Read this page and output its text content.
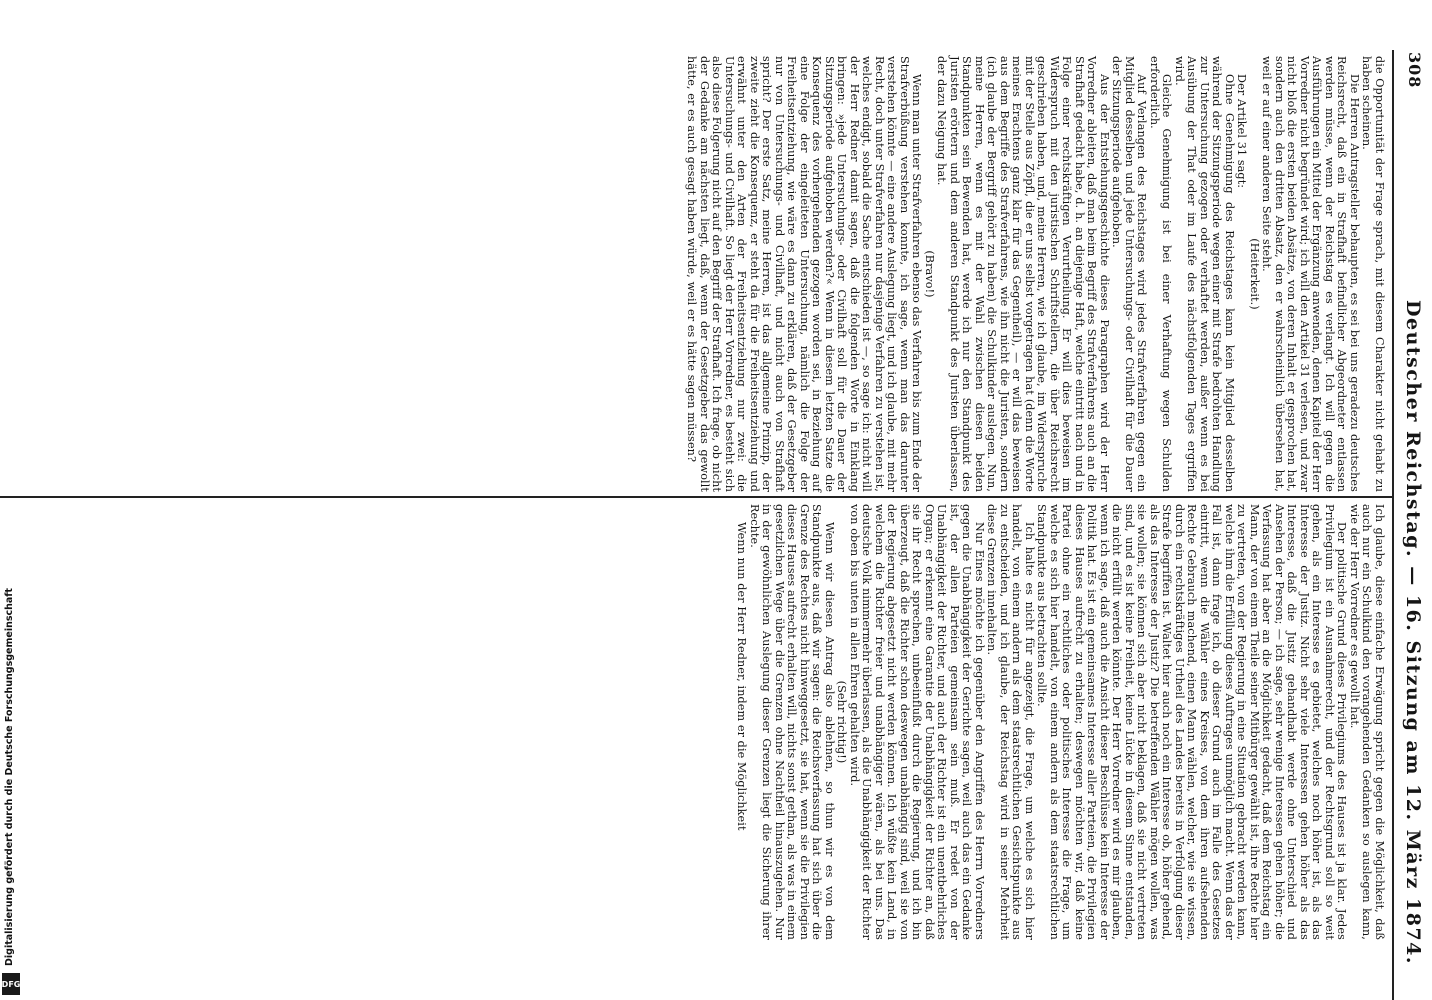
308
Deutscher Reichstag. — 16. Sitzung am 12. März 1874.

die Opportunität der Frage sprach, mit diesem Charakter nicht gehabt zu haben scheinen.

Die Herren Antragsteller behaupten, es sei bei uns geradezu deutsches Reichsrecht, daß ein in Strafhaft befindlicher Abgeordneter entlassen werden müsse, wenn der Reichstag es verlangt. Ich will gegen die Ausführungen ein Mittel der Ergänzung anwenden, denen Kapitel der Herr Vorredner nicht begründet wird; ich will den Artikel 31 verlesen, und zwar nicht bloß die ersten beiden Absätze, von deren Inhalt er gesprochen hat, sondern auch den dritten Absatz, den er wahrscheinlich übersehen hat, weil er auf einer anderen Seite steht.

(Heiterkeit.)

Der Artikel 31 sagt:

Ohne Genehmigung des Reichstages kann kein Mitglied desselben während der Sitzungsperiode wegen einer mit Strafe bedrohten Handlung zur Untersuchung gezogen oder verhaftet werden, außer wenn es bei Ausübung der That oder im Laufe des nächstfolgenden Tages ergriffen wird.

Gleiche Genehmigung ist bei einer Verhaftung wegen Schulden erforderlich.

Auf Verlangen des Reichstages wird jedes Strafverfahren gegen ein Mitglied desselben und jede Untersuchungs- oder Civilhaft für die Dauer der Sitzungsperiode aufgehoben.

Aus der Entstehungsgeschichte dieses Paragraphen wird der Herr Vorredner ableiten, daß man beim Begriff des Strafverfahrens auch an die Strafhaft gedacht habe, d. h. an diejenige Haft, welche eintritt nach und in Folge einer rechtskräftigen Verurtheilung. Er will dies beweisen im Widerspruch mit den juristischen Schriftstellern, die über Reichsrecht geschrieben haben, und, meine Herren, wie ich glaube, im Widerspruche mit der Stelle aus Zöpfl, die er uns selbst vorgetragen hat (denn die Worte meines Erachtens ganz klar für das Gegentheil), — er will das beweisen aus dem Begriffe des Strafverfahrens, wie ihn nicht die Juristen, sondern (ich glaube der Bergriff gehört zu haben) die Schulkinder auslegen. Nun, meine Herren, wenn es mit der Wahl zwischen diesen beiden Standpunkten sein Bewenden hat, werde ich nur den Standpunkt des Juristen erörtern und dem anderen Standpunkt des Juristen überlassen, der dazu Neigung hat.

(Bravo!)

Wenn man unter Strafverfahren ebenso das Verfahren bis zum Ende der Strafverbüßung verstehen konnte, ich sage, wenn man das darunter verstehen könnte — eine andere Auslegung liegt, und ich glaube, mit mehr Recht, doch unter Strafverfahren nur dasjenige Verfahren zu verstehen ist, welches endigt, sobald die Sache entschieden ist —, so sage ich: nicht will der Herr Redner damit sagen, daß die folgenden Worte in Einklang bringen: »jede Untersuchungs- oder Civilhaft soll für die Dauer der Sitzungsperiode aufgehoben werden?« Wenn in diesem letzten Satze die Konsequenz des vorhergehenden gezogen worden sei, in Beziehung auf eine Folge der eingeleiteten Untersuchung, nämlich die Folge der Freiheitsentziehung, wie wäre es dann zu erklären, daß der Gesetzgeber nur von Untersuchungs- und Civilhaft, und nicht auch von Strafhaft spricht? Der erste Satz, meine Herren, ist das allgemeine Prinzip, der zweite zieht die Konsequenz, er steht da für die Freiheitsentziehung und erwähnt unter den Arten der Freiheitsentziehung nur zwei: die Untersuchungs- und Civilhaft. So liegt der Herr Vorredner, es besteht sich also diese Folgerung nicht auf den Begriff der Strafhaft. Ich frage, ob nicht der Gedanke am nächsten liegt, daß, wenn der Gesetzgeber das gewollt hätte, er es auch gesagt haben würde, weil er es hätte sagen müssen?

Ich glaube, diese einfache Erwägung spricht gegen die Möglichkeit, daß auch nur ein Schulkind den vorangehenden Gedanken so auslegen kann, wie der Herr Vorredner es gewollt hat.

Der politische Grund dieses Privilegiums des Hauses ist ja klar. Jedes Privilegium ist ein Ausnahmerecht, und der Rechtsgrund soll so weit gehen, als ein Interesse es gebietet, welches noch höher ist, als das Interesse der Justiz. Nicht sehr viele Interessen gehen höher als das Interesse, daß die Justiz gehandhabt werde ohne Unterschied und Ansehen der Person; — ich sage, sehr wenige Interessen gehen höher; die Verfassung hat aber an die Möglichkeit gedacht, daß dem Reichstag ein Mann, der von einem Theile seiner Mitbürger gewählt ist, ihre Rechte hier zu vertreten, von der Regierung in eine Situation gebracht werden kann, welche ihm die Erfüllung dieses Auftrages unmöglich macht. Wenn das der Fall ist, dann frage ich, ob dieser Grund auch im Falle des Gesetzes eintritt, wenn die Wähler eines Kreises, von dem ihren aufsehenden Rechte Gebrauch machend, einen Mann wählen, welcher, wie sie wissen, durch ein rechtskräftiges Urtheil des Landes bereits in Verfolgung dieser Strafe begriffen ist. Waltet hier auch noch ein Interesse ob, höher gehend, als das Interesse der Justiz? Die betreffenden Wähler mögen wollen, was sie wollen; sie können sich aber nicht beklagen, daß sie nicht vertreten sind, und es ist keine Freiheit, keine Lücke in diesem Sinne entstanden, die nicht erfüllt werden könnte. Der Herr Vorredner wird es mir glauben, wenn ich sage, daß auch die Ansicht dieser Beschlüsse kein Interesse der Politik hat. Es ist ein gemeinsames Interesse aller Parteien, die Privilegien dieses Hauses aufrecht zu erhalten; deswegen möchten wir, daß keine Partei ohne ein rechtliches oder politisches Interesse die Frage, um welche es sich hier handelt, von einem andern als dem staatsrechtlichen Standpunkte aus betrachten sollte.

Ich halte es nicht für angezeigt, die Frage, um welche es sich hier handelt, von einem andern als dem staatsrechtlichen Gesichtspunkte aus zu entscheiden, und ich glaube, der Reichstag wird in seiner Mehrheit diese Grenzen innehalten.

Nur Eines möchte ich gegenüber den Angriffen des Herrn Vorredners gegen die Unabhängigkeit der Gerichte sagen, weil auch das ein Gedanke ist, der allen Parteien gemeinsam sein muß. Er redet von der Unabhängigkeit der Richter, und auch der Richter ist ein unentbehrliches Organ; er erkennt eine Garantie der Unabhängigkeit der Richter an, daß sie ihr Recht sprechen, unbeeinflußt durch die Regierung, und ich bin überzeugt, daß die Richter schon deswegen unabhängig sind, weil sie von der Regierung abgesetzt nicht werden können. Ich wüßte kein Land, in welchem die Richter freier und unabhängiger wären, als bei uns. Das deutsche Volk nimmermehr überlassen, als die Unabhängigkeit der Richter von oben bis unten in allen Ehren gehalten wird.

(Sehr richtig!)

Wenn wir diesen Antrag also ablehnen, so thun wir es von dem Standpunkte aus, daß wir sagen: die Reichsverfassung hat sich über die Grenze des Rechtes nicht hinweggesetzt, sie hat, wenn sie die Privilegien dieses Hauses aufrecht erhalten will, nichts sonst gethan, als was in einem gesetzlichen Wege über die Grenzen ohne Nachtheil hinauszugehen. Nur in der gewöhnlichen Auslegung dieser Grenzen liegt die Sicherung ihrer Rechte.

Wenn nun der Herr Redner, indem er die Möglichkeit

Digitalisierung gefördert durch die Deutsche Forschungsgemeinschaft
DFG
